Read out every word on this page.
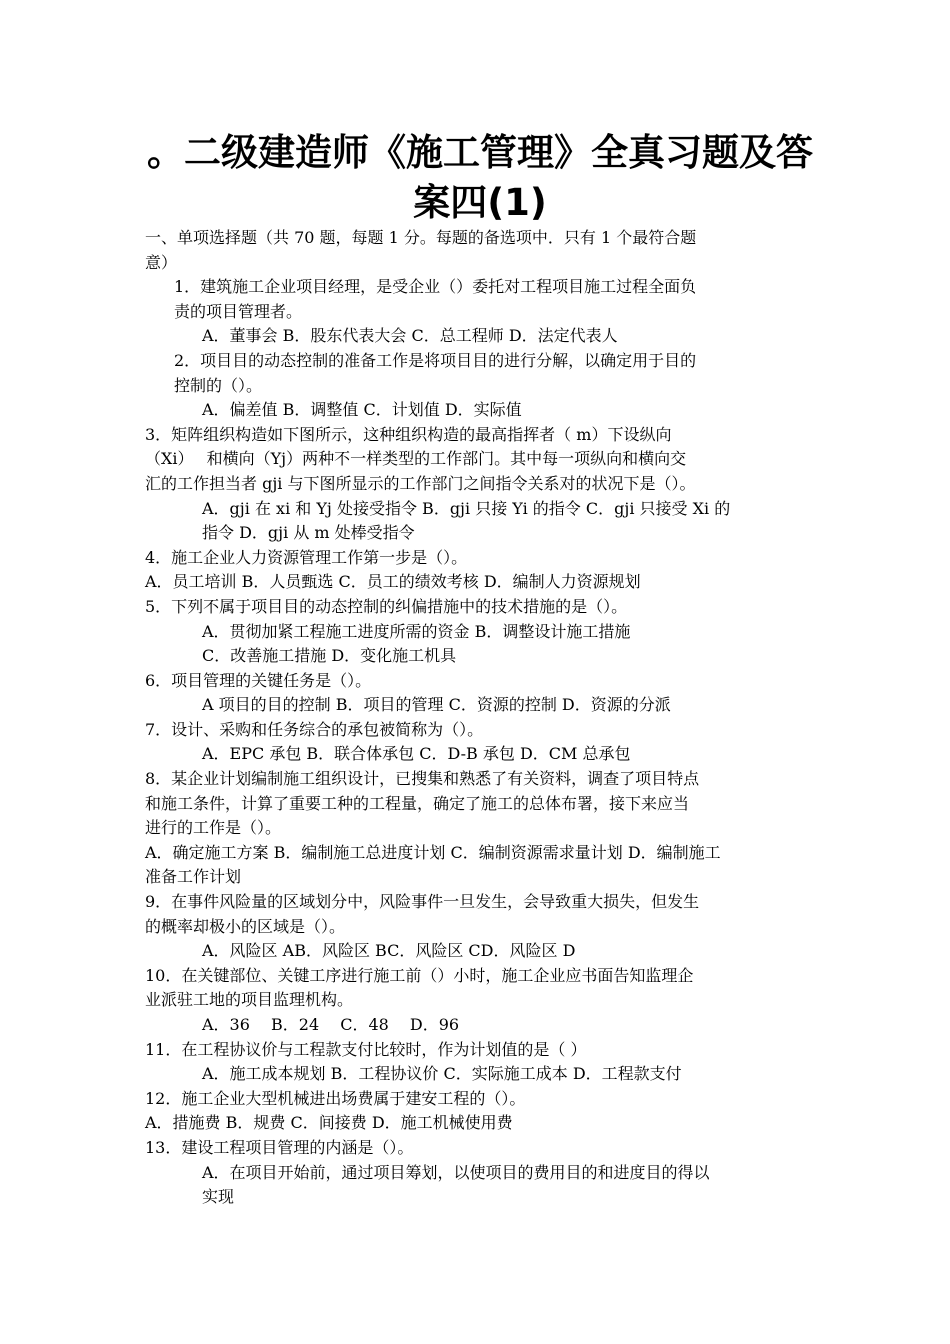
。二级建造师《施工管理》全真习题及答
案四(1)
一、单项选择题（共 70 题，每题 1 分。每题的备选项中．只有 1 个最符合题
意）
1．建筑施工企业项目经理，是受企业（）委托对工程项目施工过程全面负
责的项目管理者。
A．董事会 B．股东代表大会 C．总工程师 D．法定代表人
2．项目目的动态控制的准备工作是将项目目的进行分解，以确定用于目的
控制的（）。
A．偏差值 B．调整值 C．计划值 D．实际值
3．矩阵组织构造如下图所示，这种组织构造的最高指挥者（ m）下设纵向
（Xi）　 和横向（Yj）两种不一样类型的工作部门。其中每一项纵向和横向交
汇的工作担当者 gji 与下图所显示的工作部门之间指令关系对的状况下是（）。
A．gji 在 xi 和 Yj 处接受指令 B．gji 只接 Yi 的指令 C．gji 只接受 Xi 的
指令 D．gji 从 m 处棒受指令
4．施工企业人力资源管理工作第一步是（）。
A．员工培训 B．人员甄选 C．员工的绩效考核 D．编制人力资源规划
5．下列不属于项目目的动态控制的纠偏措施中的技术措施的是（）。
A．贯彻加紧工程施工进度所需的资金 B．调整设计施工措施
C．改善施工措施 D．变化施工机具
6．项目管理的关键任务是（）。
A 项目的目的控制 B．项目的管理 C．资源的控制 D．资源的分派
7．设计、采购和任务综合的承包被简称为（）。
A．EPC 承包 B．联合体承包 C．D-B 承包 D．CM 总承包
8．某企业计划编制施工组织设计，已搜集和熟悉了有关资料，调查了项目特点
和施工条件，计算了重要工种的工程量，确定了施工的总体布署，接下来应当
进行的工作是（）。
A．确定施工方案 B．编制施工总进度计划 C．编制资源需求量计划 D．编制施工
准备工作计划
9．在事件风险量的区域划分中，风险事件一旦发生，会导致重大损失，但发生
的概率却极小的区域是（）。
A．风险区 AB．风险区 BC．风险区 CD．风险区 D
10．在关键部位、关键工序进行施工前（）小时，施工企业应书面告知监理企
业派驻工地的项目监理机构。
A．36　 B．24　 C．48　 D．96
11．在工程协议价与工程款支付比较时，作为计划值的是（ ）
A．施工成本规划 B．工程协议价 C．实际施工成本 D．工程款支付
12．施工企业大型机械进出场费属于建安工程的（）。
A．措施费 B．规费 C．间接费 D．施工机械使用费
13．建设工程项目管理的内涵是（）。
A．在项目开始前，通过项目筹划，以使项目的费用目的和进度目的得以
实现
